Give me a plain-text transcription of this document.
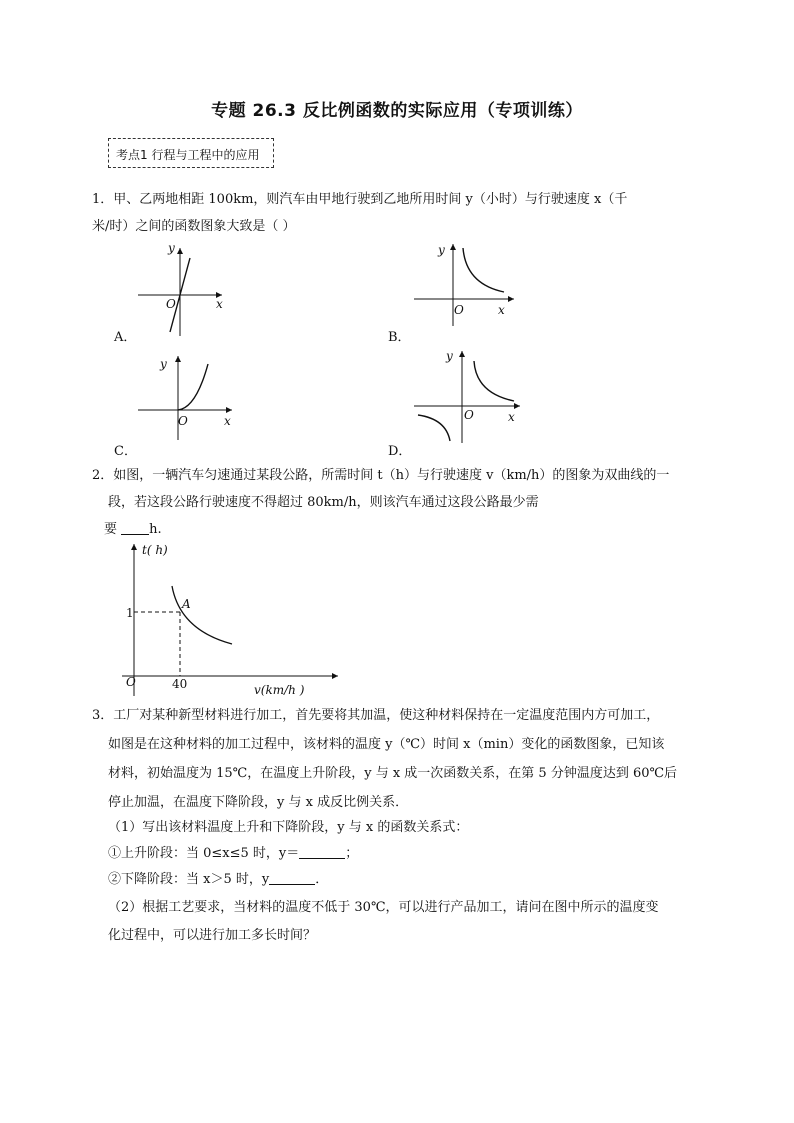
专题 26.3 反比例函数的实际应用（专项训练）
考点1 行程与工程中的应用
1．甲、乙两地相距 100km，则汽车由甲地行驶到乙地所用时间 y（小时）与行驶速度 x（千
米/时）之间的函数图象大致是（ ）
y
x
O
A．
y
x
O
B．
y
x
O
C．
y
x
O
D．
2．如图，一辆汽车匀速通过某段公路，所需时间 t（h）与行驶速度 v（km/h）的图象为双曲线的一
段，若这段公路行驶速度不得超过 80km/h，则该汽车通过这段公路最少需
要 h.
t( h)
v(km/h )
O
A
1
40
3．工厂对某种新型材料进行加工，首先要将其加温，使这种材料保持在一定温度范围内方可加工，
如图是在这种材料的加工过程中，该材料的温度 y（℃）时间 x（min）变化的函数图象，已知该
材料，初始温度为 15℃，在温度上升阶段，y 与 x 成一次函数关系，在第 5 分钟温度达到 60℃后
停止加温，在温度下降阶段，y 与 x 成反比例关系．
（1）写出该材料温度上升和下降阶段，y 与 x 的函数关系式：
①上升阶段：当 0≤x≤5 时，y＝	；
②下降阶段：当 x＞5 时，y	．
（2）根据工艺要求，当材料的温度不低于 30℃，可以进行产品加工，请问在图中所示的温度变
化过程中，可以进行加工多长时间？
